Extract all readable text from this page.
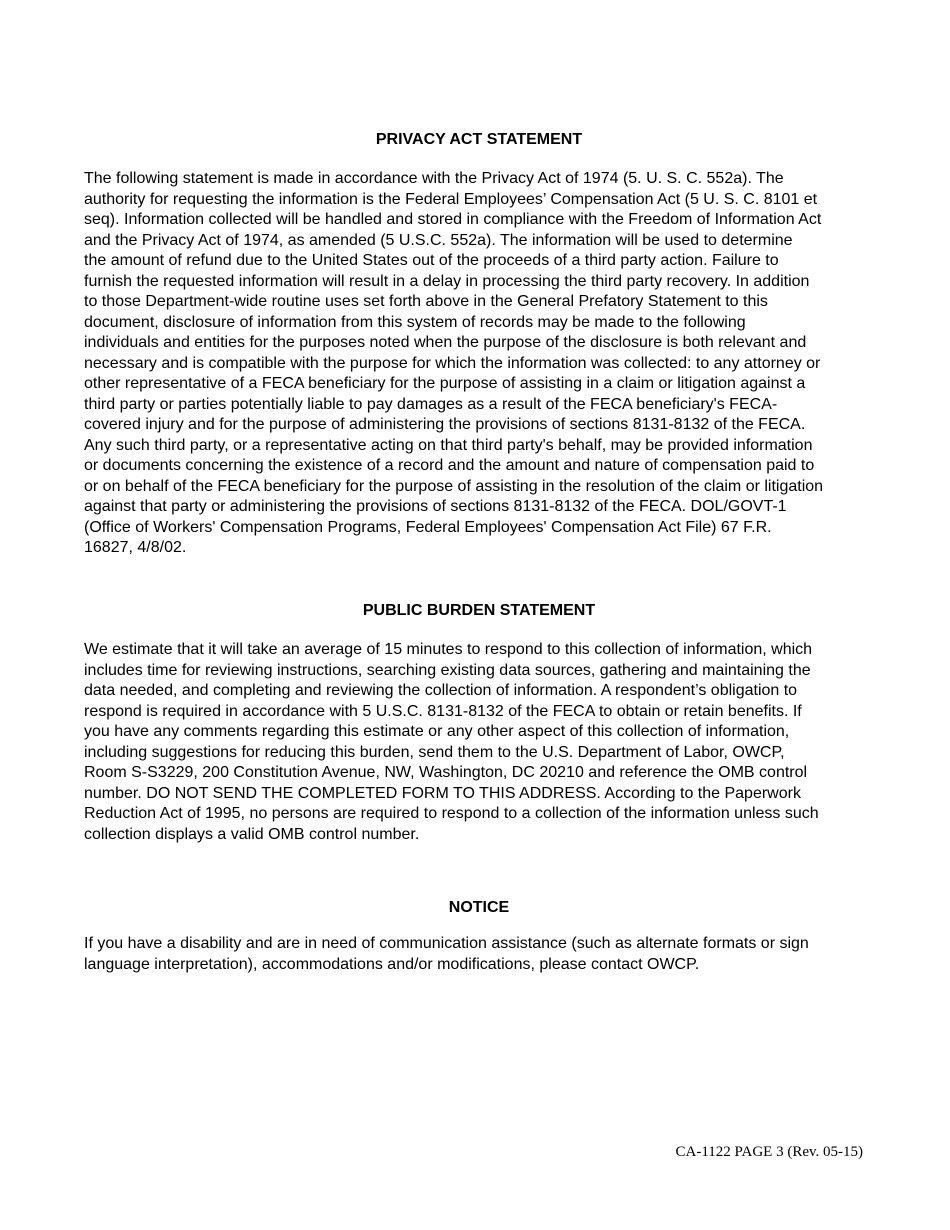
PRIVACY ACT STATEMENT

The following statement is made in accordance with the Privacy Act of 1974 (5. U. S. C. 552a). The
authority for requesting the information is the Federal Employees’ Compensation Act (5 U. S. C. 8101 et
seq). Information collected will be handled and stored in compliance with the Freedom of Information Act
and the Privacy Act of 1974, as amended (5 U.S.C. 552a). The information will be used to determine
the amount of refund due to the United States out of the proceeds of a third party action. Failure to
furnish the requested information will result in a delay in processing the third party recovery. In addition
to those Department-wide routine uses set forth above in the General Prefatory Statement to this
document, disclosure of information from this system of records may be made to the following
individuals and entities for the purposes noted when the purpose of the disclosure is both relevant and
necessary and is compatible with the purpose for which the information was collected: to any attorney or
other representative of a FECA beneficiary for the purpose of assisting in a claim or litigation against a
third party or parties potentially liable to pay damages as a result of the FECA beneficiary's FECA-
covered injury and for the purpose of administering the provisions of sections 8131-8132 of the FECA.
Any such third party, or a representative acting on that third party's behalf, may be provided information
or documents concerning the existence of a record and the amount and nature of compensation paid to
or on behalf of the FECA beneficiary for the purpose of assisting in the resolution of the claim or litigation
against that party or administering the provisions of sections 8131-8132 of the FECA. DOL/GOVT-1
(Office of Workers' Compensation Programs, Federal Employees' Compensation Act File) 67 F.R.
16827, 4/8/02.

PUBLIC BURDEN STATEMENT

We estimate that it will take an average of 15 minutes to respond to this collection of information, which
includes time for reviewing instructions, searching existing data sources, gathering and maintaining the
data needed, and completing and reviewing the collection of information. A respondent’s obligation to
respond is required in accordance with 5 U.S.C. 8131-8132 of the FECA to obtain or retain benefits. If
you have any comments regarding this estimate or any other aspect of this collection of information,
including suggestions for reducing this burden, send them to the U.S. Department of Labor, OWCP,
Room S-S3229, 200 Constitution Avenue, NW, Washington, DC 20210 and reference the OMB control
number. DO NOT SEND THE COMPLETED FORM TO THIS ADDRESS. According to the Paperwork
Reduction Act of 1995, no persons are required to respond to a collection of the information unless such
collection displays a valid OMB control number.

NOTICE

If you have a disability and are in need of communication assistance (such as alternate formats or sign
language interpretation), accommodations and/or modifications, please contact OWCP.

CA-1122 PAGE 3 (Rev. 05-15)
